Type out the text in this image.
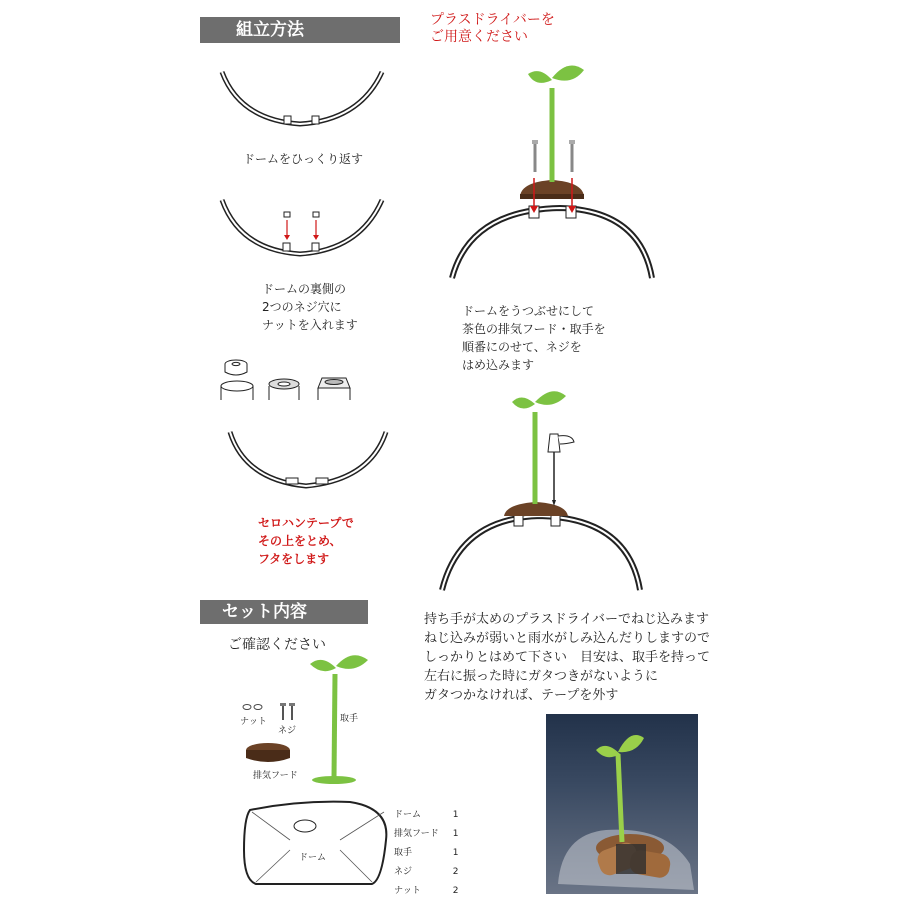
組立方法	プラスドライバーを
ご用意ください
ドームをひっくり返す
ドームの裏側の
2つのネジ穴に
ナットを入れます
セロハンテープで
その上をとめ、
フタをします
ドームをうつぶせにして
茶色の排気フード・取手を
順番にのせて、ネジを
はめ込みます
持ち手が太めのプラスドライバーでねじ込みます
ねじ込みが弱いと雨水がしみ込んだりしますので
しっかりとはめて下さい　目安は、取手を持って
左右に振った時にガタつきがないように
ガタつかなければ、テープを外す
セット内容
ご確認ください
ナット
ネジ
取手
排気フード
ドーム
ドーム	1
排気フード	1
取手	1
ネジ	2
ナット	2
